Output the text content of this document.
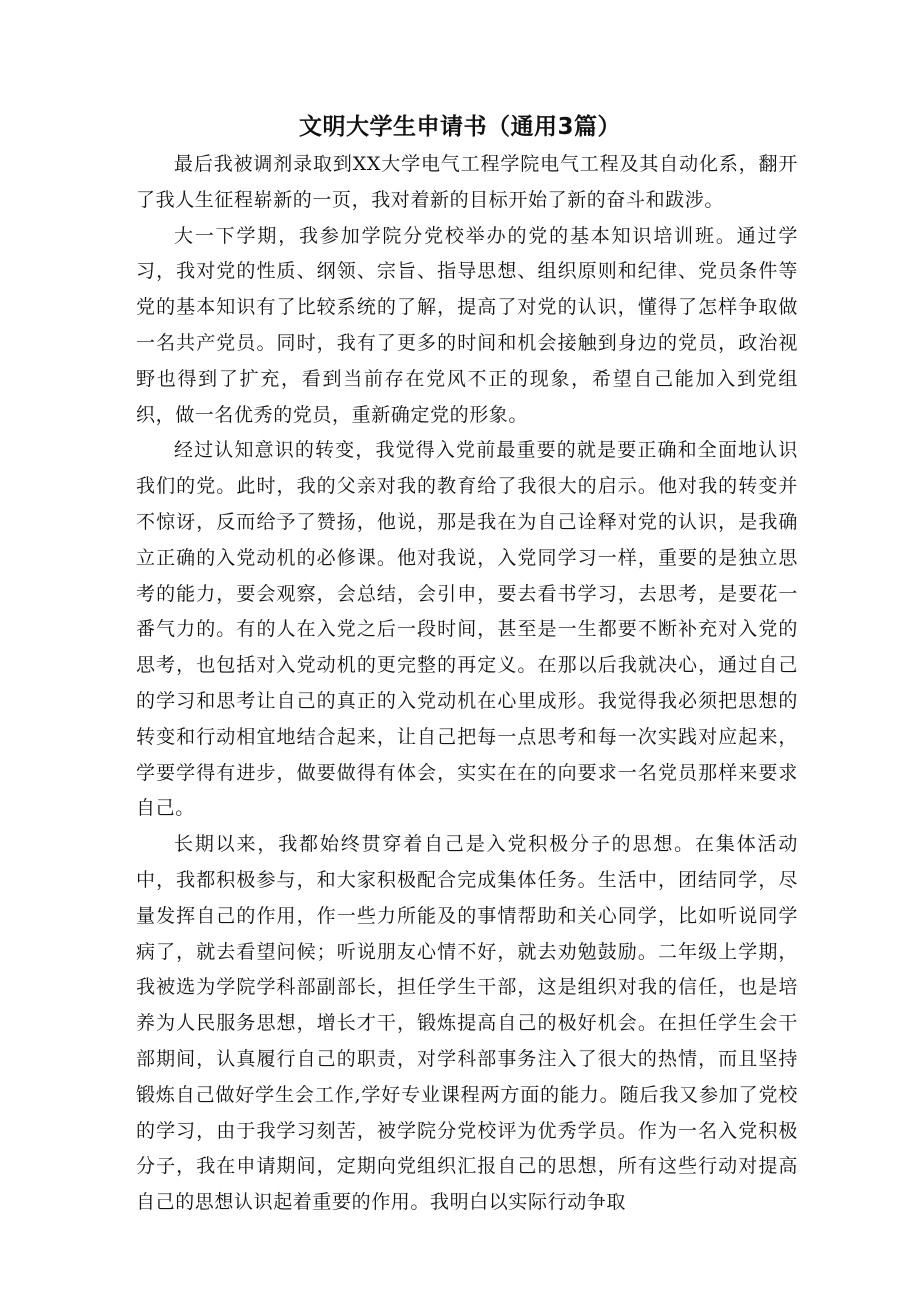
文明大学生申请书（通用3篇）

最后我被调剂录取到XX大学电气工程学院电气工程及其自动化系，翻开了我人生征程崭新的一页，我对着新的目标开始了新的奋斗和跋涉。

大一下学期，我参加学院分党校举办的党的基本知识培训班。通过学习，我对党的性质、纲领、宗旨、指导思想、组织原则和纪律、党员条件等党的基本知识有了比较系统的了解，提高了对党的认识，懂得了怎样争取做一名共产党员。同时，我有了更多的时间和机会接触到身边的党员，政治视野也得到了扩充，看到当前存在党风不正的现象，希望自己能加入到党组织，做一名优秀的党员，重新确定党的形象。

经过认知意识的转变，我觉得入党前最重要的就是要正确和全面地认识我们的党。此时，我的父亲对我的教育给了我很大的启示。他对我的转变并不惊讶，反而给予了赞扬，他说，那是我在为自己诠释对党的认识，是我确立正确的入党动机的必修课。他对我说，入党同学习一样，重要的是独立思考的能力，要会观察，会总结，会引申，要去看书学习，去思考，是要花一番气力的。有的人在入党之后一段时间，甚至是一生都要不断补充对入党的思考，也包括对入党动机的更完整的再定义。在那以后我就决心，通过自己的学习和思考让自己的真正的入党动机在心里成形。我觉得我必须把思想的转变和行动相宜地结合起来，让自己把每一点思考和每一次实践对应起来，学要学得有进步，做要做得有体会，实实在在的向要求一名党员那样来要求自己。

长期以来，我都始终贯穿着自己是入党积极分子的思想。在集体活动中，我都积极参与，和大家积极配合完成集体任务。生活中，团结同学，尽量发挥自己的作用，作一些力所能及的事情帮助和关心同学，比如听说同学病了，就去看望问候；听说朋友心情不好，就去劝勉鼓励。二年级上学期，我被选为学院学科部副部长，担任学生干部，这是组织对我的信任，也是培养为人民服务思想，增长才干，锻炼提高自己的极好机会。在担任学生会干部期间，认真履行自己的职责，对学科部事务注入了很大的热情，而且坚持锻炼自己做好学生会工作,学好专业课程两方面的能力。随后我又参加了党校的学习，由于我学习刻苦，被学院分党校评为优秀学员。作为一名入党积极分子，我在申请期间，定期向党组织汇报自己的思想，所有这些行动对提高自己的思想认识起着重要的作用。我明白以实际行动争取
